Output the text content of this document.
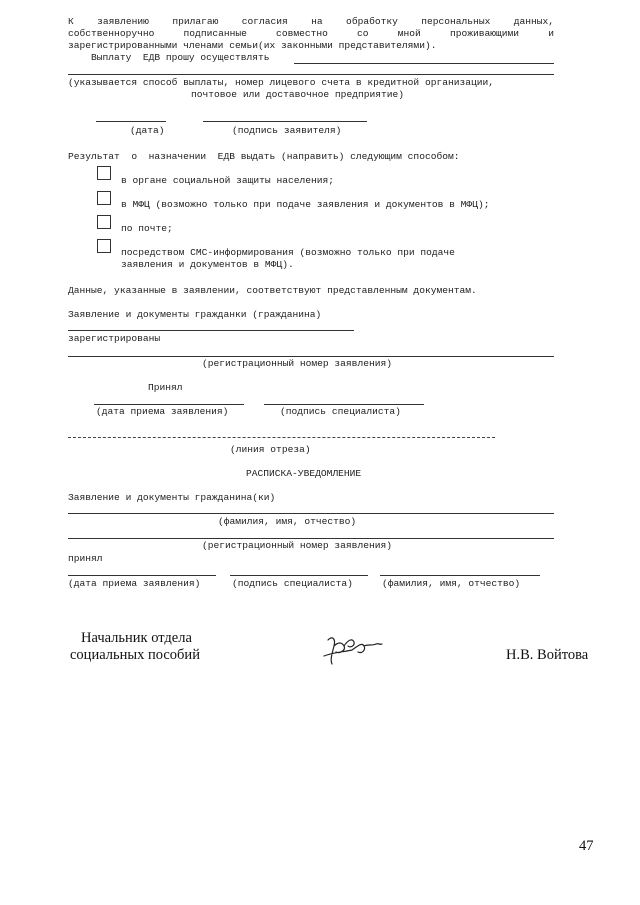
К заявлению прилагаю согласия на обработку персональных данных,
собственноручно подписанные совместно со мной проживающими и
зарегистрированными членами семьи(их законными представителями).
Выплату  ЕДВ прошу осуществлять
(указывается способ выплаты, номер лицевого счета в кредитной организации,
почтовое или доставочное предприятие)
(дата)	(подпись заявителя)
Результат  о  назначении  ЕДВ выдать (направить) следующим способом:
в органе социальной защиты населения;
в МФЦ (возможно только при подаче заявления и документов в МФЦ);
по почте;
посредством СМС-информирования (возможно только при подаче
заявления и документов в МФЦ).
Данные, указанные в заявлении, соответствуют представленным документам.
Заявление и документы гражданки (гражданина)
зарегистрированы
(регистрационный номер заявления)
Принял
(дата приема заявления)	(подпись специалиста)
(линия отреза)
РАСПИСКА-УВЕДОМЛЕНИЕ
Заявление и документы гражданина(ки)
(фамилия, имя, отчество)
(регистрационный номер заявления)
принял
(дата приема заявления)	(подпись специалиста)	(фамилия, имя, отчество)
Начальник отдела
социальных пособий	Н.В. Войтова
47
